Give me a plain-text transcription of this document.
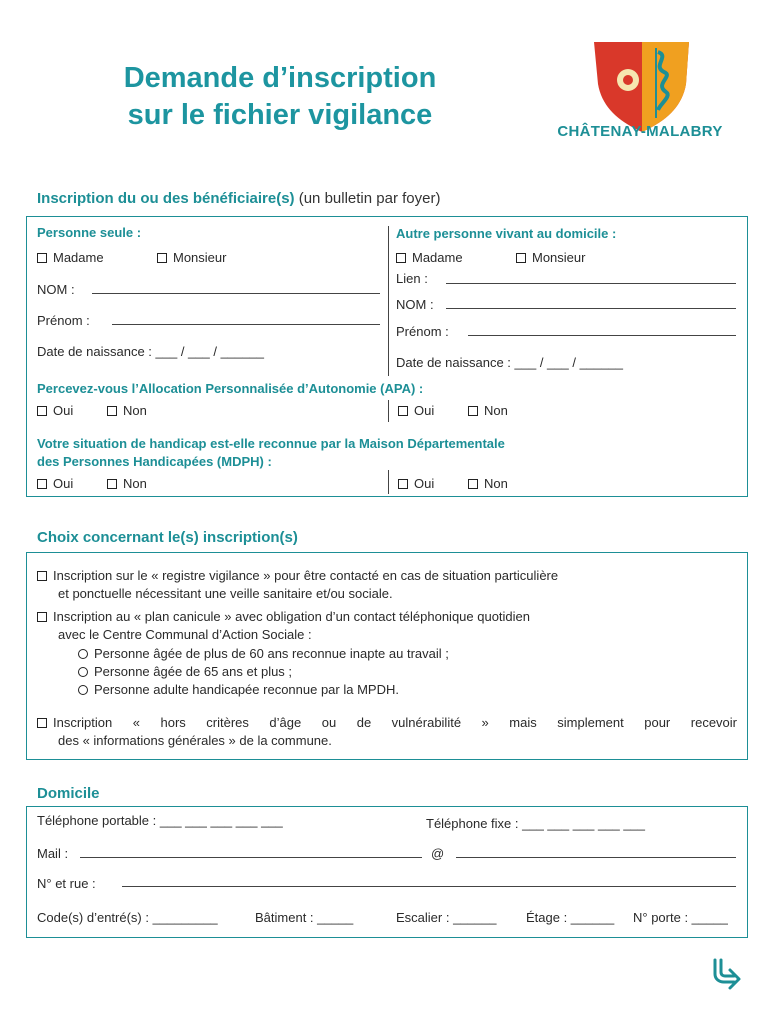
Demande d’inscription
sur le fichier vigilance
CHÂTENAY-MALABRY
Inscription du ou des bénéficiaire(s) (un bulletin par foyer)
Personne seule :
Madame	Monsieur
NOM :
Prénom :
Date de naissance : ___ / ___ / ______
Autre personne vivant au domicile :
Madame	Monsieur
Lien :
NOM :
Prénom :
Date de naissance : ___ / ___ / ______
Percevez-vous l’Allocation Personnalisée d’Autonomie (APA) :
Oui	Non	Oui	Non
Votre situation de handicap est-elle reconnue par la Maison Départementale
des Personnes Handicapées (MDPH) :
Oui	Non	Oui	Non
Choix concernant le(s) inscription(s)
Inscription sur le « registre vigilance » pour être contacté en cas de situation particulière
et ponctuelle nécessitant une veille sanitaire et/ou sociale.
Inscription au « plan canicule » avec obligation d’un contact téléphonique quotidien
avec le Centre Communal d’Action Sociale :
Personne âgée de plus de 60 ans reconnue inapte au travail ;
Personne âgée de 65 ans et plus ;
Personne adulte handicapée reconnue par la MPDH.
Inscription « hors critères d’âge ou de vulnérabilité » mais simplement pour recevoir
des « informations générales » de la commune.
Domicile
Téléphone portable : ___ ___ ___ ___ ___	Téléphone fixe : ___ ___ ___ ___ ___
Mail :	@
N° et rue :
Code(s) d’entré(s) : _________	Bâtiment : _____	Escalier : ______ Étage : ______ N° porte : _____
